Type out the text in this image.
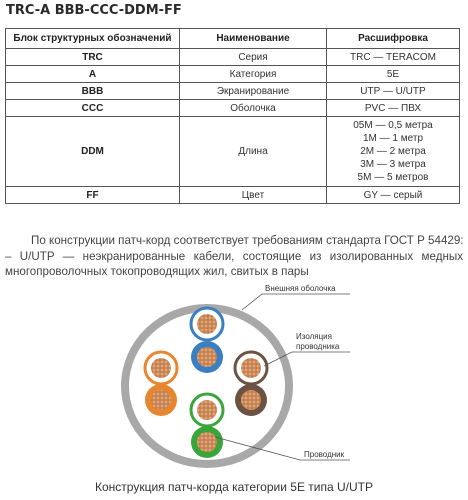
TRC-A BBB-CCC-DDM-FF
Блок структурных обозначений	Наименование	Расшифровка
TRC	Серия	TRC — TERACOM
A	Категория	5E
BBB	Экранирование	UTP — U/UTP
CCC	Оболочка	PVC — ПВХ
DDM	Длина	05M — 0,5 метра
1M — 1 метр
2M — 2 метра
3M — 3 метра
5M — 5 метров

FF	Цвет	GY — серый
По конструкции патч-корд соответствует требованиям стандарта ГОСТ Р 54429:
– U/UTP — неэкранированные кабели, состоящие из изолированных медных многопроволочных токопроводящих жил, свитых в пары
Внешняя оболочка
Изоляция
проводника
Проводник
Конструкция патч-корда категории 5E типа U/UTP
